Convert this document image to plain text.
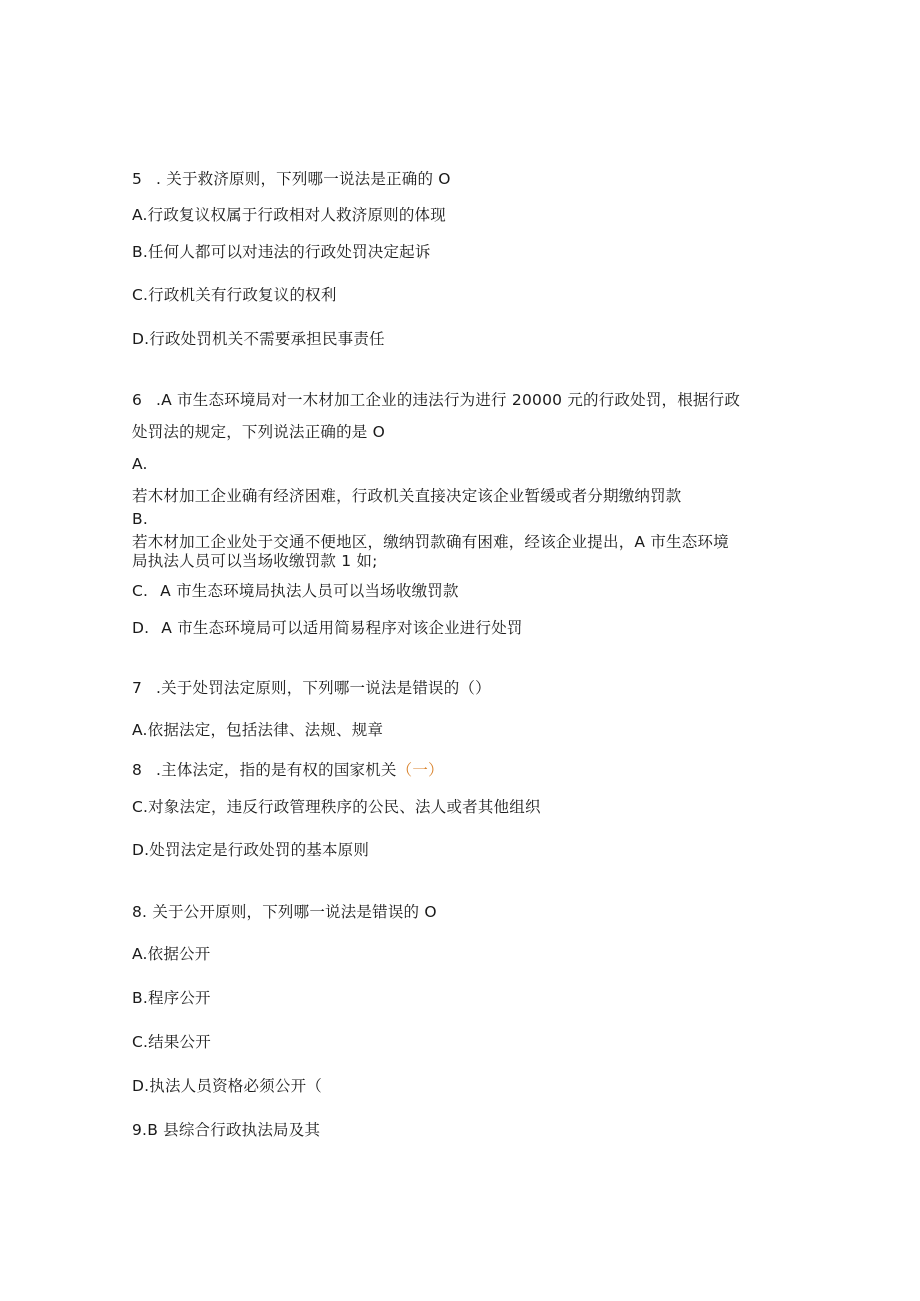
5 . 关于救济原则，下列哪一说法是正确的 O
A.行政复议权属于行政相对人救济原则的体现
B.任何人都可以对违法的行政处罚决定起诉
C.行政机关有行政复议的权利
D.行政处罚机关不需要承担民事责任
6 .A 市生态环境局对一木材加工企业的违法行为进行 20000 元的行政处罚，根据行政
处罚法的规定，下列说法正确的是 O
A.
若木材加工企业确有经济困难，行政机关直接决定该企业暂缓或者分期缴纳罚款
B.
若木材加工企业处于交通不便地区，缴纳罚款确有困难，经该企业提出，A 市生态环境
局执法人员可以当场收缴罚款 1 如;
C. A 市生态环境局执法人员可以当场收缴罚款
D. A 市生态环境局可以适用简易程序对该企业进行处罚
7 .关于处罚法定原则，下列哪一说法是错误的（）
A.依据法定，包括法律、法规、规章
8 .主体法定，指的是有权的国家机关（一）
C.对象法定，违反行政管理秩序的公民、法人或者其他组织
D.处罚法定是行政处罚的基本原则
8. 关于公开原则，下列哪一说法是错误的 O
A.依据公开
B.程序公开
C.结果公开
D.执法人员资格必须公开（
9.B 县综合行政执法局及其
